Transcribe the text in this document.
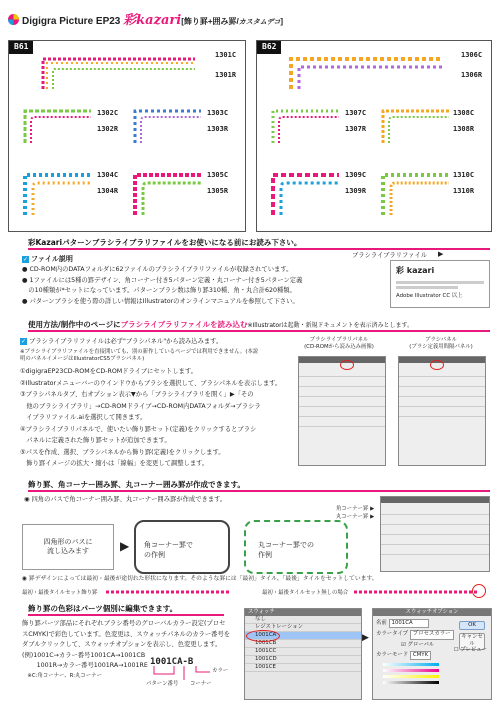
Digigra Picture EP23 彩kazari[飾り罫+囲み罫/カスタムデコ]
B61
1301C
1301R
1302C
1302R
1303C
1303R
1304C
1304R
1305C
1305R
B62
1306C
1306R
1307C
1307R
1308C
1308R
1309C
1309R
1310C
1310R
彩Kazariパターンブラシライブラリファイルをお使いになる前にお読み下さい。
ブラシライブラリファイル ▶
✓ ファイル説明
● CD-ROM内のDATAフォルダに62ファイルのブラシライブラリファイルが収録されています。
● 1ファイルには5種の罫デザイン、角コーナー付き5パターン定義・丸コーナー付き5パターン定義
　の10種類が*セットになっています。パターンブラシ数は飾り罫310種、角・丸合計620種類。
● パターンブラシを使う際の詳しい情報はIllustratorのオンラインマニュアルを参照して下さい。
彩 kazari
Adobe Illustrator CC 以上
使用方法/制作中のページにブラシライブラリファイルを読み込む※Illustratorは起動・新規ドキュメントを表示済みとします。
✓ ブラシライブラリファイルは必ず"ブラシパネル"から読み込みます。
※ブラシライブラリファイルを直接開いても、別の新作しているページでは利用できません。(本説
明のパネルイメージはIllustratorCS5ブラシパネル)
①digigraEP23CD-ROMをCD-ROMドライブにセットします。
②Illustratorメニューバーのウインドウからブラシを選択して、ブラシパネルを表示します。
③ブラシパネルタブ、右オプション表示▼から「ブラシライブラリを開く」▶「その
　他のブラシライブラリ」→CD-ROMドライブ→CD-ROM内DATAフォルダ→ブラシラ
　イブラリファイル.aiを選択して開きます。
④ブラシライブラリパネルで、使いたい飾り罫セット(定義)をクリックするとブラシ
　パネルに定義された飾り罫セットが追加できます。
⑤パスを作成、選択、ブラシパネルから飾り罫(定義)をクリックします。
　飾り罫イメージの拡大・縮小は「線幅」を変更して調整します。
ブラシライブラリパネル
(CD-ROMから読み込み画像)
ブラシパネル
(ブラシ定義用間隔パネル)
飾り罫、角コーナー囲み罫、丸コーナー囲み罫が作成できます。
◉ 四角のパスで角コーナー囲み罫、丸コーナー囲み罫が作成できます。
四角形のパスに
流し込みます	▶	角コーナー罫で
の作例

丸コーナー罫での
作例

角コーナー罫 ▶
丸コーナー罫 ▶
◉ 罫デザインによっては最初・最後が途切れた形状になります。そのような罫には「最初」タイル、「最後」タイルをセットしています。
最初・最後タイルセット飾り罫	最初・最後タイルセット無しの場合
飾り罫の色彩はパーツ個別に編集できます。
飾り罫パーツ部品にそれぞれブラシ番号のグローバルカラー設定(プロセ
スCMYK)で彩色しています。色変更は、スウォッチパネルのカラー番号を
ダブルクリックして、スウォッチオプションを表示し、色変更します。
(例)1001C→カラー番号1001CA→1001CB
　　 1001R→カラー番号1001RA→1001RE
　※C:角コーナー、R:丸コーナー
1001CA-B
カラー
パターン番号 コーナー
スウォッチ
なし
レジストレーション
1001CA
1001CB
1001CC
1001CD
1001CE
▶
スウォッチオプション
名前 1001CA
カラータイプ プロセスカラー
☑ グローバル
カラーモード CMYK
OK
キャンセル
☐ プレビュー
